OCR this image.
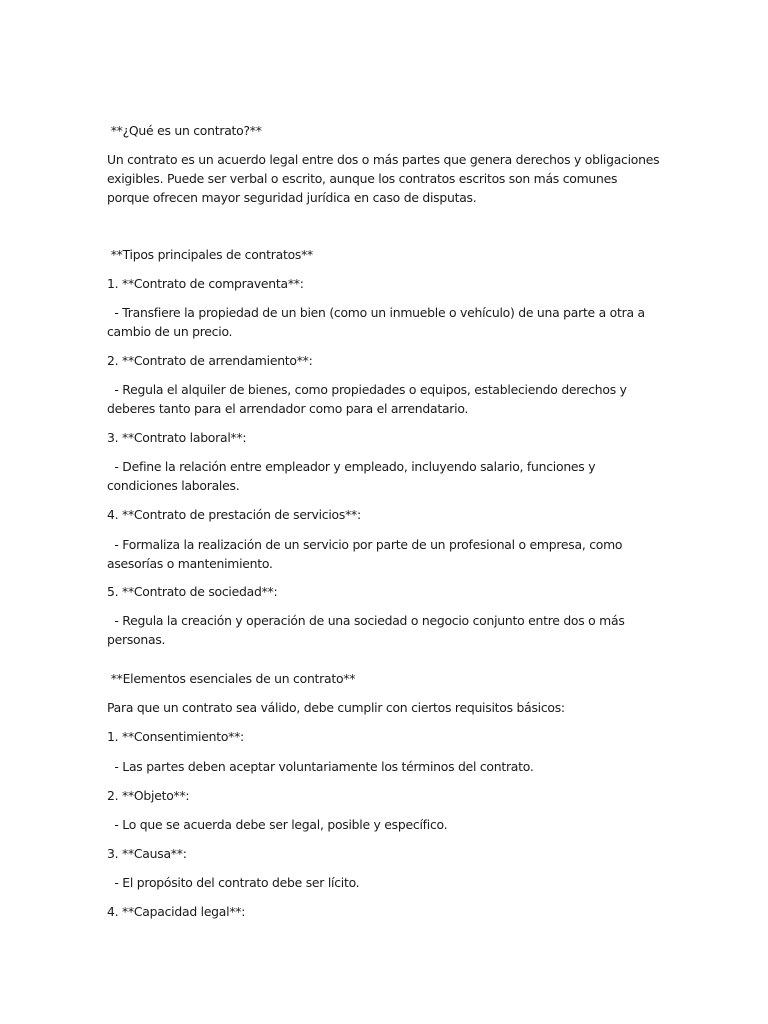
**¿Qué es un contrato?**

Un contrato es un acuerdo legal entre dos o más partes que genera derechos y obligaciones exigibles. Puede ser verbal o escrito, aunque los contratos escritos son más comunes porque ofrecen mayor seguridad jurídica en caso de disputas.

**Tipos principales de contratos**

1. **Contrato de compraventa**:

- Transfiere la propiedad de un bien (como un inmueble o vehículo) de una parte a otra a cambio de un precio.

2. **Contrato de arrendamiento**:

- Regula el alquiler de bienes, como propiedades o equipos, estableciendo derechos y deberes tanto para el arrendador como para el arrendatario.

3. **Contrato laboral**:

- Define la relación entre empleador y empleado, incluyendo salario, funciones y condiciones laborales.

4. **Contrato de prestación de servicios**:

- Formaliza la realización de un servicio por parte de un profesional o empresa, como asesorías o mantenimiento.

5. **Contrato de sociedad**:

- Regula la creación y operación de una sociedad o negocio conjunto entre dos o más personas.

**Elementos esenciales de un contrato**

Para que un contrato sea válido, debe cumplir con ciertos requisitos básicos:

1. **Consentimiento**:

- Las partes deben aceptar voluntariamente los términos del contrato.

2. **Objeto**:

- Lo que se acuerda debe ser legal, posible y específico.

3. **Causa**:

- El propósito del contrato debe ser lícito.

4. **Capacidad legal**:
